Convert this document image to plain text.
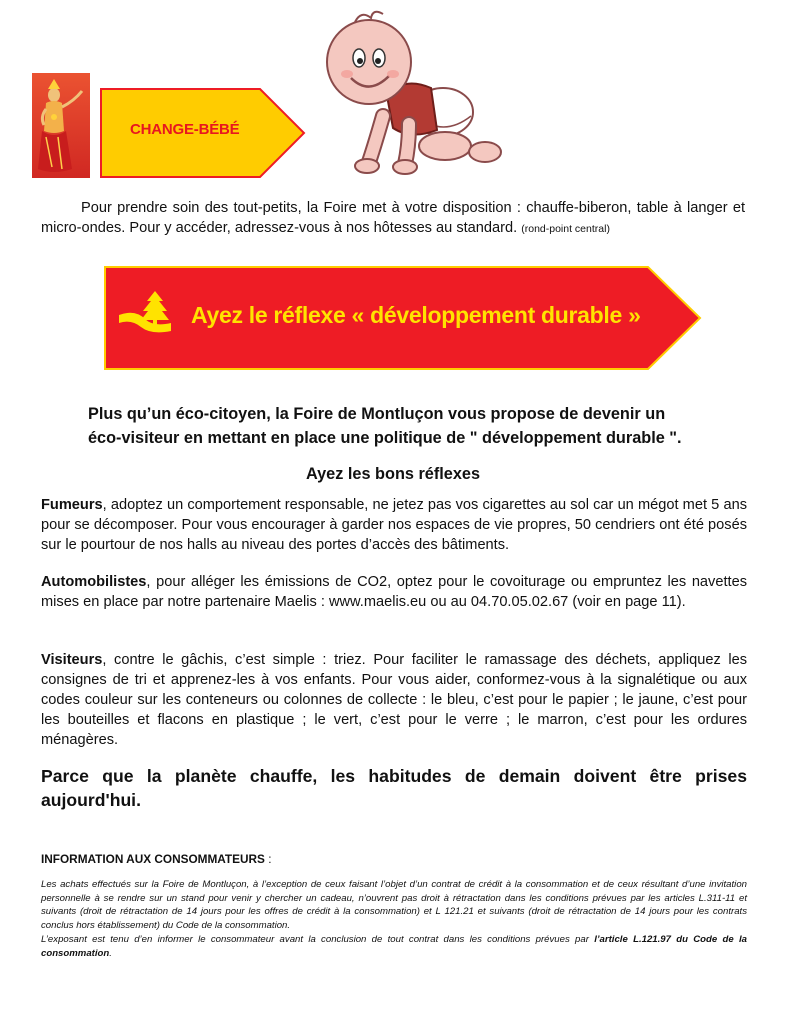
CHANGE-BÉBÉ
Pour prendre soin des tout-petits, la Foire met à votre disposition : chauffe-biberon, table à langer et micro-ondes. Pour y accéder, adressez-vous à nos hôtesses au standard. (rond-point central)
Ayez le réflexe « développement durable »
Plus qu’un éco-citoyen, la Foire de Montluçon vous propose de devenir un
éco-visiteur en mettant en place une politique de " développement durable ".
Ayez les bons réflexes
Fumeurs, adoptez un comportement responsable, ne jetez pas vos cigarettes au sol car un mégot met 5 ans pour se décomposer. Pour vous encourager à garder nos espaces de vie propres, 50 cendriers ont été posés sur le pourtour de nos halls au niveau des portes d’accès des bâtiments.
Automobilistes, pour alléger les émissions de CO2, optez pour le covoiturage ou empruntez les navettes mises en place par notre partenaire Maelis : www.maelis.eu ou au 04.70.05.02.67 (voir en page 11).
Visiteurs, contre le gâchis, c’est simple : triez. Pour faciliter le ramassage des déchets, appliquez les consignes de tri et apprenez-les à vos enfants. Pour vous aider, conformez-vous à la signalétique ou aux codes couleur sur les conteneurs ou colonnes de collecte : le bleu, c’est pour le papier ; le jaune, c’est pour les bouteilles et flacons en plastique ; le vert, c’est pour le verre ; le marron, c’est pour les ordures ménagères.
Parce que la planète chauffe, les habitudes de demain doivent être prises aujourd'hui.
INFORMATION AUX CONSOMMATEURS :

Les achats effectués sur la Foire de Montluçon, à l’exception de ceux faisant l’objet d’un contrat de crédit à la consommation et de ceux résultant d’une invitation personnelle à se rendre sur un stand pour venir y chercher un cadeau, n’ouvrent pas droit à rétractation dans les conditions prévues par les articles L.311-11 et suivants (droit de rétractation de 14 jours pour les offres de crédit à la consommation) et L 121.21 et suivants (droit de rétractation de 14 jours pour les contrats conclus hors établissement) du Code de la consommation.

L’exposant est tenu d’en informer le consommateur avant la conclusion de tout contrat dans les conditions prévues par l’article L.121.97 du Code de la consommation.
